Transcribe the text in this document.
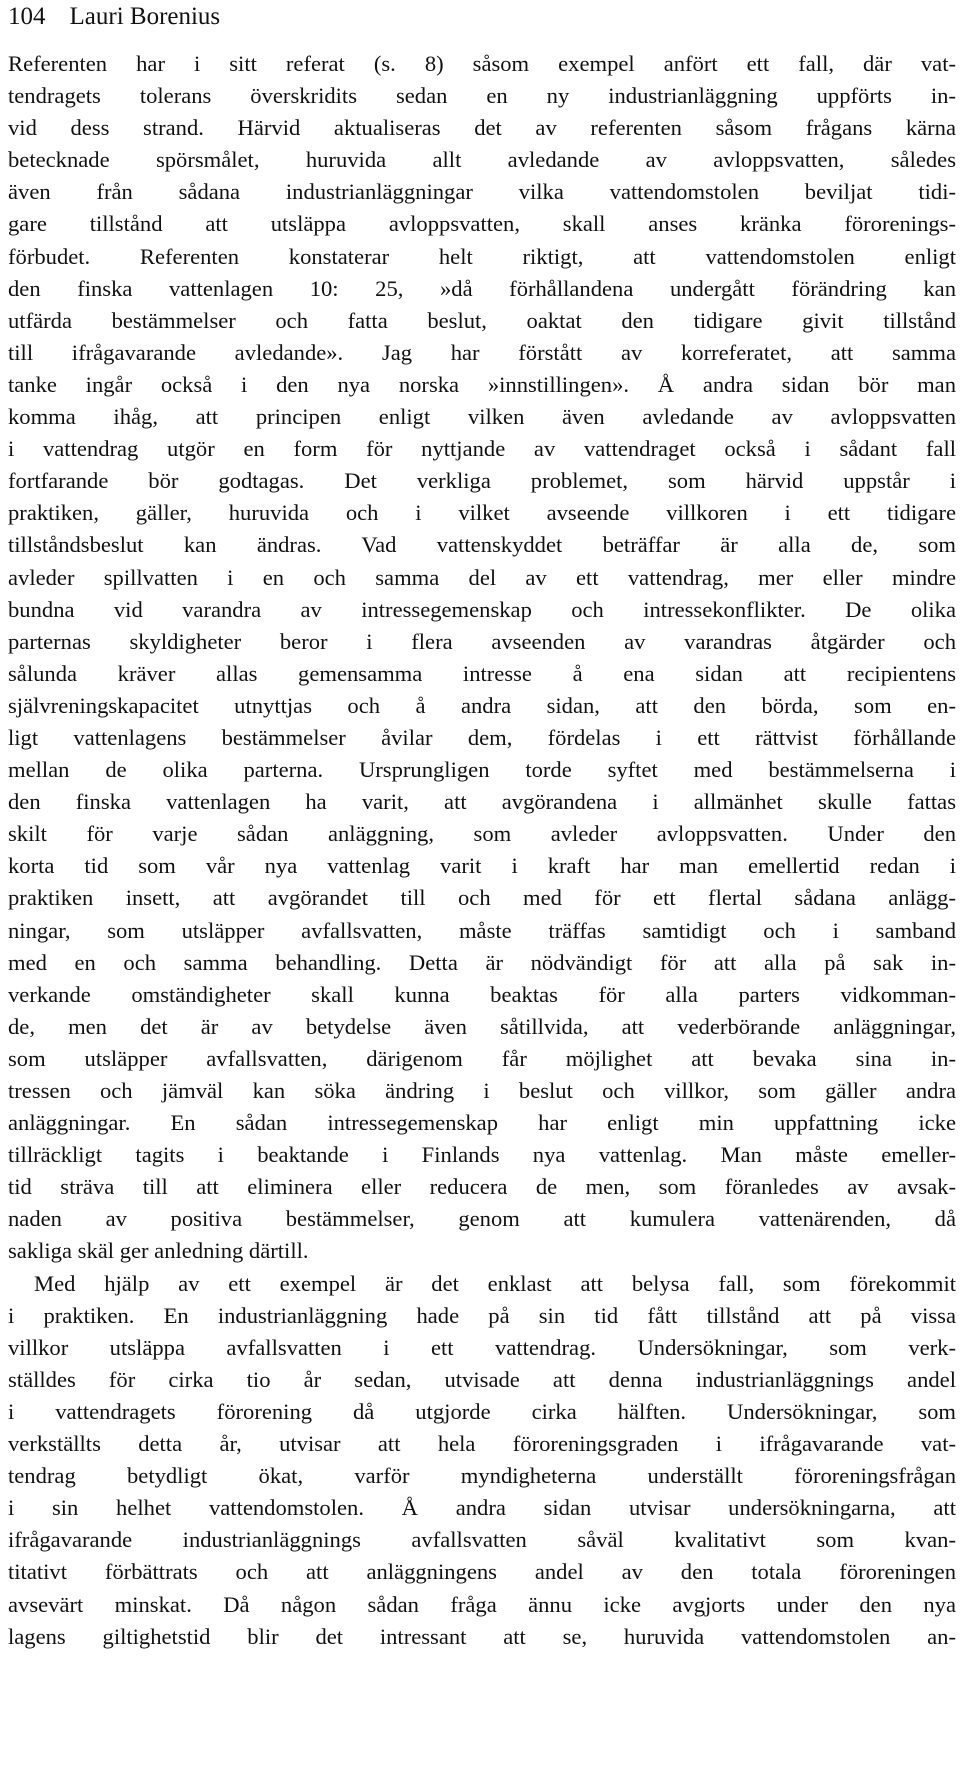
104 Lauri Borenius
Referenten har i sitt referat (s. 8) såsom exempel anfört ett fall, där vat-
tendragets tolerans överskridits sedan en ny industrianläggning uppförts in-
vid dess strand. Härvid aktualiseras det av referenten såsom frågans kärna
betecknade spörsmålet, huruvida allt avledande av avloppsvatten, således
även från sådana industrianläggningar vilka vattendomstolen beviljat tidi-
gare tillstånd att utsläppa avloppsvatten, skall anses kränka förorenings-
förbudet. Referenten konstaterar helt riktigt, att vattendomstolen enligt
den finska vattenlagen 10: 25, »då förhållandena undergått förändring kan
utfärda bestämmelser och fatta beslut, oaktat den tidigare givit tillstånd
till ifrågavarande avledande». Jag har förstått av korreferatet, att samma
tanke ingår också i den nya norska »innstillingen». Å andra sidan bör man
komma ihåg, att principen enligt vilken även avledande av avloppsvatten
i vattendrag utgör en form för nyttjande av vattendraget också i sådant fall
fortfarande bör godtagas. Det verkliga problemet, som härvid uppstår i
praktiken, gäller, huruvida och i vilket avseende villkoren i ett tidigare
tillståndsbeslut kan ändras. Vad vattenskyddet beträffar är alla de, som
avleder spillvatten i en och samma del av ett vattendrag, mer eller mindre
bundna vid varandra av intressegemenskap och intressekonflikter. De olika
parternas skyldigheter beror i flera avseenden av varandras åtgärder och
sålunda kräver allas gemensamma intresse å ena sidan att recipientens
självreningskapacitet utnyttjas och å andra sidan, att den börda, som en-
ligt vattenlagens bestämmelser åvilar dem, fördelas i ett rättvist förhållande
mellan de olika parterna. Ursprungligen torde syftet med bestämmelserna i
den finska vattenlagen ha varit, att avgörandena i allmänhet skulle fattas
skilt för varje sådan anläggning, som avleder avloppsvatten. Under den
korta tid som vår nya vattenlag varit i kraft har man emellertid redan i
praktiken insett, att avgörandet till och med för ett flertal sådana anlägg-
ningar, som utsläpper avfallsvatten, måste träffas samtidigt och i samband
med en och samma behandling. Detta är nödvändigt för att alla på sak in-
verkande omständigheter skall kunna beaktas för alla parters vidkomman-
de, men det är av betydelse även såtillvida, att vederbörande anläggningar,
som utsläpper avfallsvatten, därigenom får möjlighet att bevaka sina in-
tressen och jämväl kan söka ändring i beslut och villkor, som gäller andra
anläggningar. En sådan intressegemenskap har enligt min uppfattning icke
tillräckligt tagits i beaktande i Finlands nya vattenlag. Man måste emeller-
tid sträva till att eliminera eller reducera de men, som föranledes av avsak-
naden av positiva bestämmelser, genom att kumulera vattenärenden, då
sakliga skäl ger anledning därtill.
Med hjälp av ett exempel är det enklast att belysa fall, som förekommit
i praktiken. En industrianläggning hade på sin tid fått tillstånd att på vissa
villkor utsläppa avfallsvatten i ett vattendrag. Undersökningar, som verk-
ställdes för cirka tio år sedan, utvisade att denna industrianläggnings andel
i vattendragets förorening då utgjorde cirka hälften. Undersökningar, som
verkställts detta år, utvisar att hela föroreningsgraden i ifrågavarande vat-
tendrag betydligt ökat, varför myndigheterna underställt föroreningsfrågan
i sin helhet vattendomstolen. Å andra sidan utvisar undersökningarna, att
ifrågavarande industrianläggnings avfallsvatten såväl kvalitativt som kvan-
titativt förbättrats och att anläggningens andel av den totala föroreningen
avsevärt minskat. Då någon sådan fråga ännu icke avgjorts under den nya
lagens giltighetstid blir det intressant att se, huruvida vattendomstolen an-
